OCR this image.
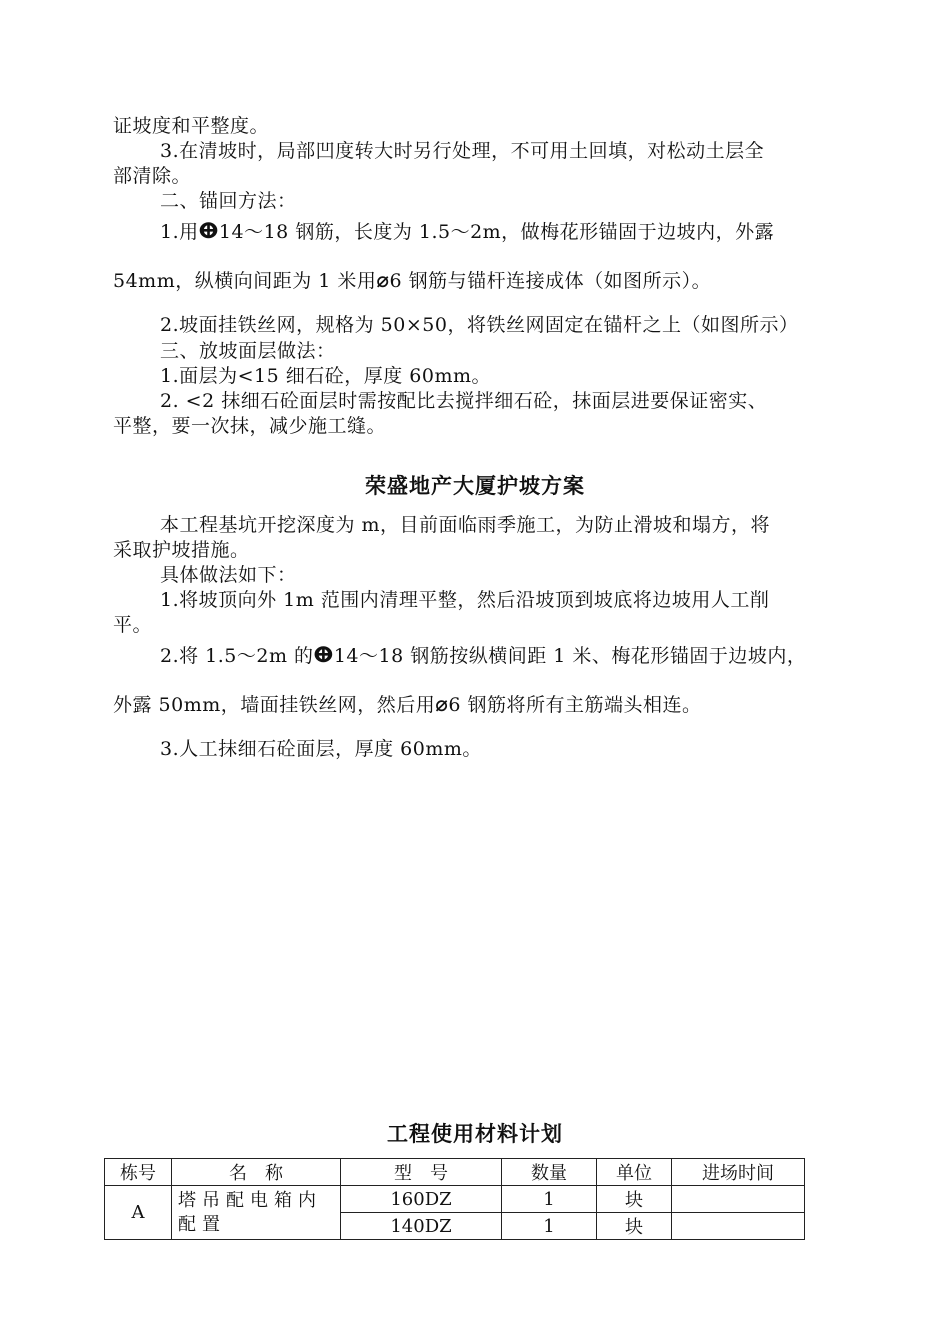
证坡度和平整度。
3.在清坡时，局部凹度转大时另行处理，不可用土回填，对松动土层全
部清除。
二、锚回方法：
1.用ⴲ14～18 钢筋，长度为 1.5～2m，做梅花形锚固于边坡内，外露
54mm，纵横向间距为 1 米用⌀6 钢筋与锚杆连接成体（如图所示）。
2.坡面挂铁丝网，规格为 50×50，将铁丝网固定在锚杆之上（如图所示）
三、放坡面层做法：
1.面层为<15 细石砼，厚度 60mm。
2. <2 抹细石砼面层时需按配比去搅拌细石砼，抹面层进要保证密实、
平整，要一次抹，减少施工缝。
荣盛地产大厦护坡方案
本工程基坑开挖深度为 m，目前面临雨季施工，为防止滑坡和塌方，将
采取护坡措施。
具体做法如下：
1.将坡顶向外 1m 范围内清理平整，然后沿坡顶到坡底将边坡用人工削
平。
2.将 1.5～2m 的ⴲ14～18 钢筋按纵横间距 1 米、梅花形锚固于边坡内，
外露 50mm，墙面挂铁丝网，然后用⌀6 钢筋将所有主筋端头相连。
3.人工抹细石砼面层，厚度 60mm。
工程使用材料计划
栋号	名　称	型　号	数量	单位	进场时间
A	塔吊配电箱内配置	160DZ	1	块	
		140DZ	1	块	
